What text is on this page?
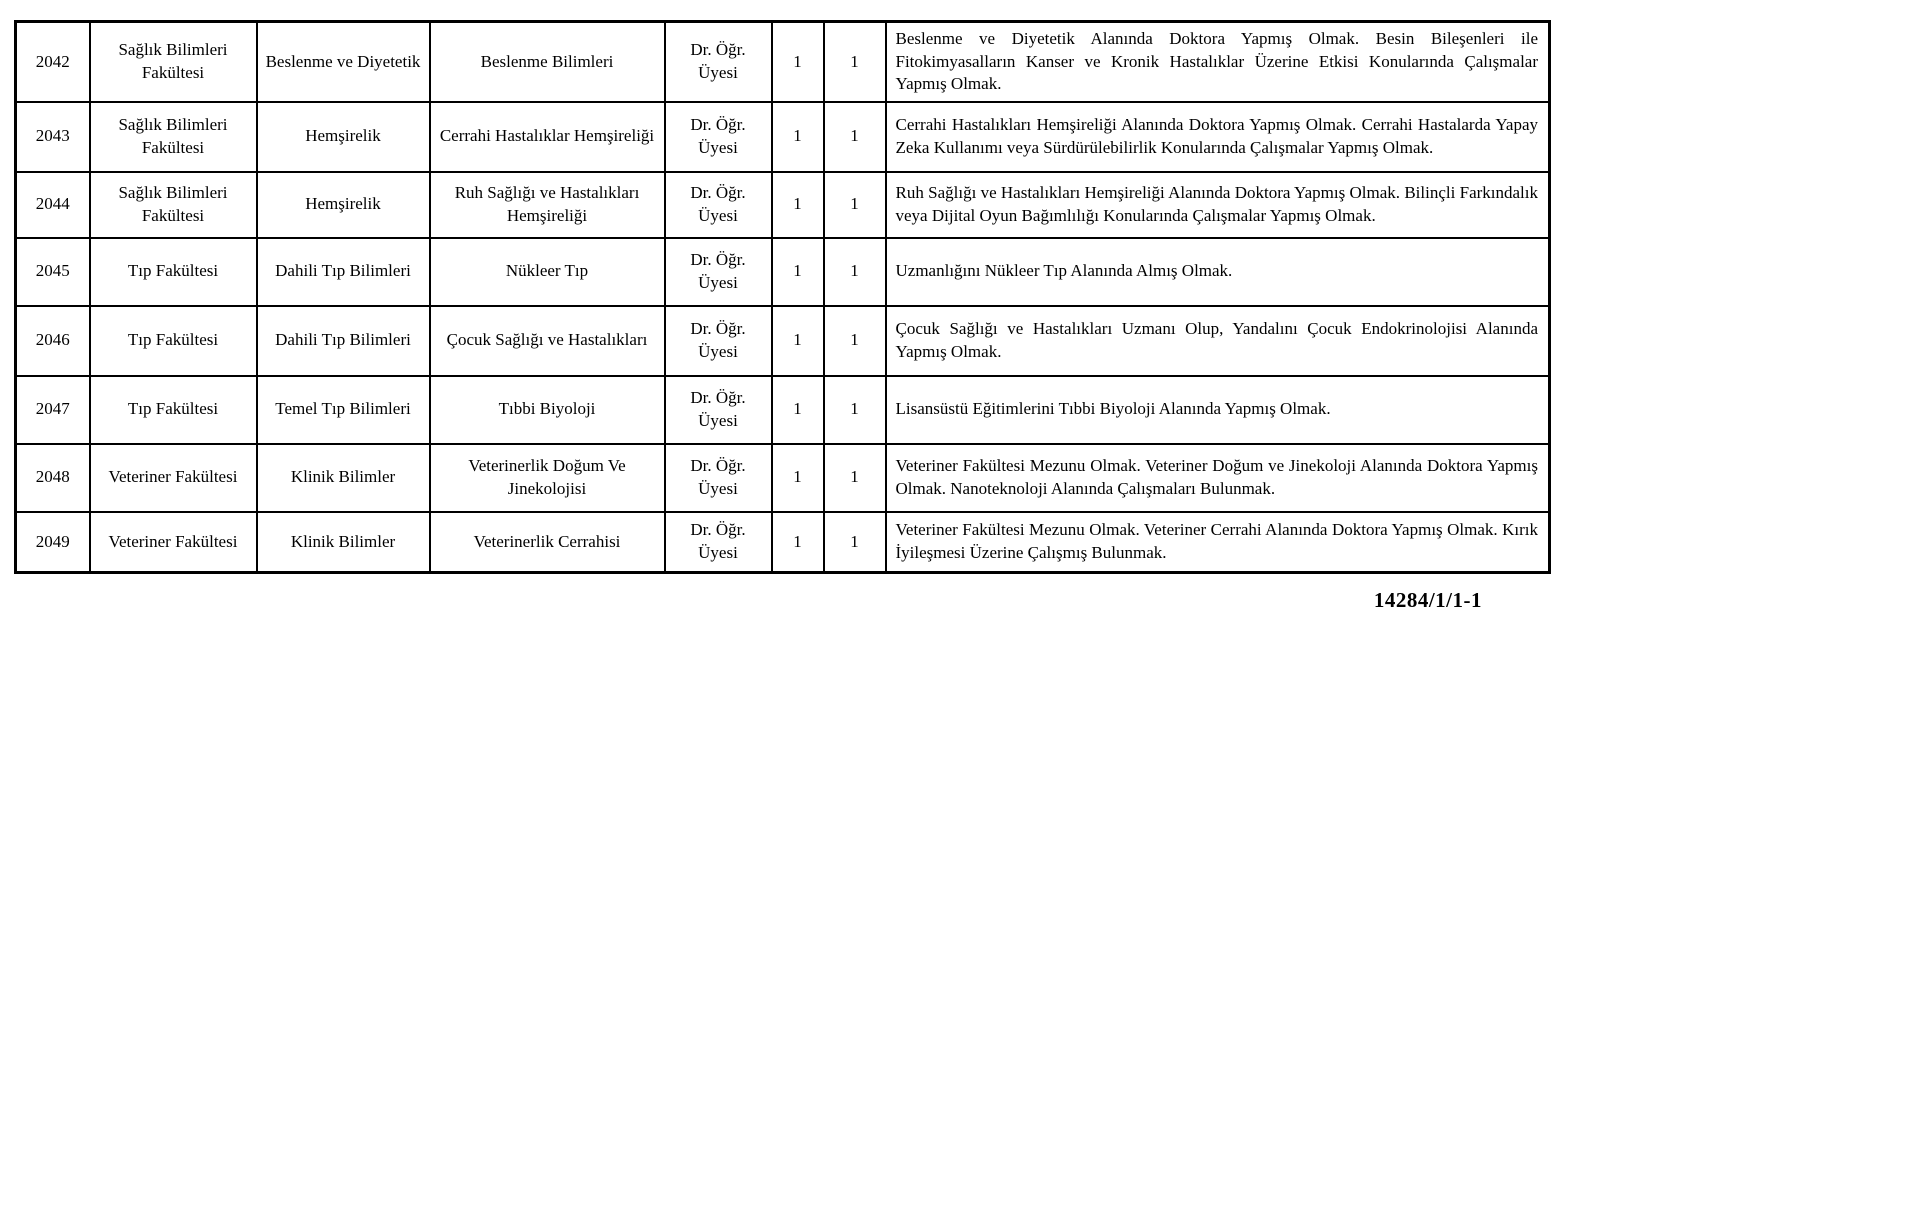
2042	Sağlık Bilimleri Fakültesi	Beslenme ve Diyetetik	Beslenme Bilimleri	Dr. Öğr. Üyesi	1	1	Beslenme ve Diyetetik Alanında Doktora Yapmış Olmak. Besin Bileşenleri ile Fitokimyasalların Kanser ve Kronik Hastalıklar Üzerine Etkisi Konularında Çalışmalar Yapmış Olmak.
2043	Sağlık Bilimleri Fakültesi	Hemşirelik	Cerrahi Hastalıklar Hemşireliği	Dr. Öğr. Üyesi	1	1	Cerrahi Hastalıkları Hemşireliği Alanında Doktora Yapmış Olmak. Cerrahi Hastalarda Yapay Zeka Kullanımı veya Sürdürülebilirlik Konularında Çalışmalar Yapmış Olmak.
2044	Sağlık Bilimleri Fakültesi	Hemşirelik	Ruh Sağlığı ve Hastalıkları Hemşireliği	Dr. Öğr. Üyesi	1	1	Ruh Sağlığı ve Hastalıkları Hemşireliği Alanında Doktora Yapmış Olmak. Bilinçli Farkındalık veya Dijital Oyun Bağımlılığı Konularında Çalışmalar Yapmış Olmak.
2045	Tıp Fakültesi	Dahili Tıp Bilimleri	Nükleer Tıp	Dr. Öğr. Üyesi	1	1	Uzmanlığını Nükleer Tıp Alanında Almış Olmak.
2046	Tıp Fakültesi	Dahili Tıp Bilimleri	Çocuk Sağlığı ve Hastalıkları	Dr. Öğr. Üyesi	1	1	Çocuk Sağlığı ve Hastalıkları Uzmanı Olup, Yandalını Çocuk Endokrinolojisi Alanında Yapmış Olmak.
2047	Tıp Fakültesi	Temel Tıp Bilimleri	Tıbbi Biyoloji	Dr. Öğr. Üyesi	1	1	Lisansüstü Eğitimlerini Tıbbi Biyoloji Alanında Yapmış Olmak.
2048	Veteriner Fakültesi	Klinik Bilimler	Veterinerlik Doğum Ve Jinekolojisi	Dr. Öğr. Üyesi	1	1	Veteriner Fakültesi Mezunu Olmak. Veteriner Doğum ve Jinekoloji Alanında Doktora Yapmış Olmak. Nanoteknoloji Alanında Çalışmaları Bulunmak.
2049	Veteriner Fakültesi	Klinik Bilimler	Veterinerlik Cerrahisi	Dr. Öğr. Üyesi	1	1	Veteriner Fakültesi Mezunu Olmak. Veteriner Cerrahi Alanında Doktora Yapmış Olmak. Kırık İyileşmesi Üzerine Çalışmış Bulunmak.
14284/1/1-1
